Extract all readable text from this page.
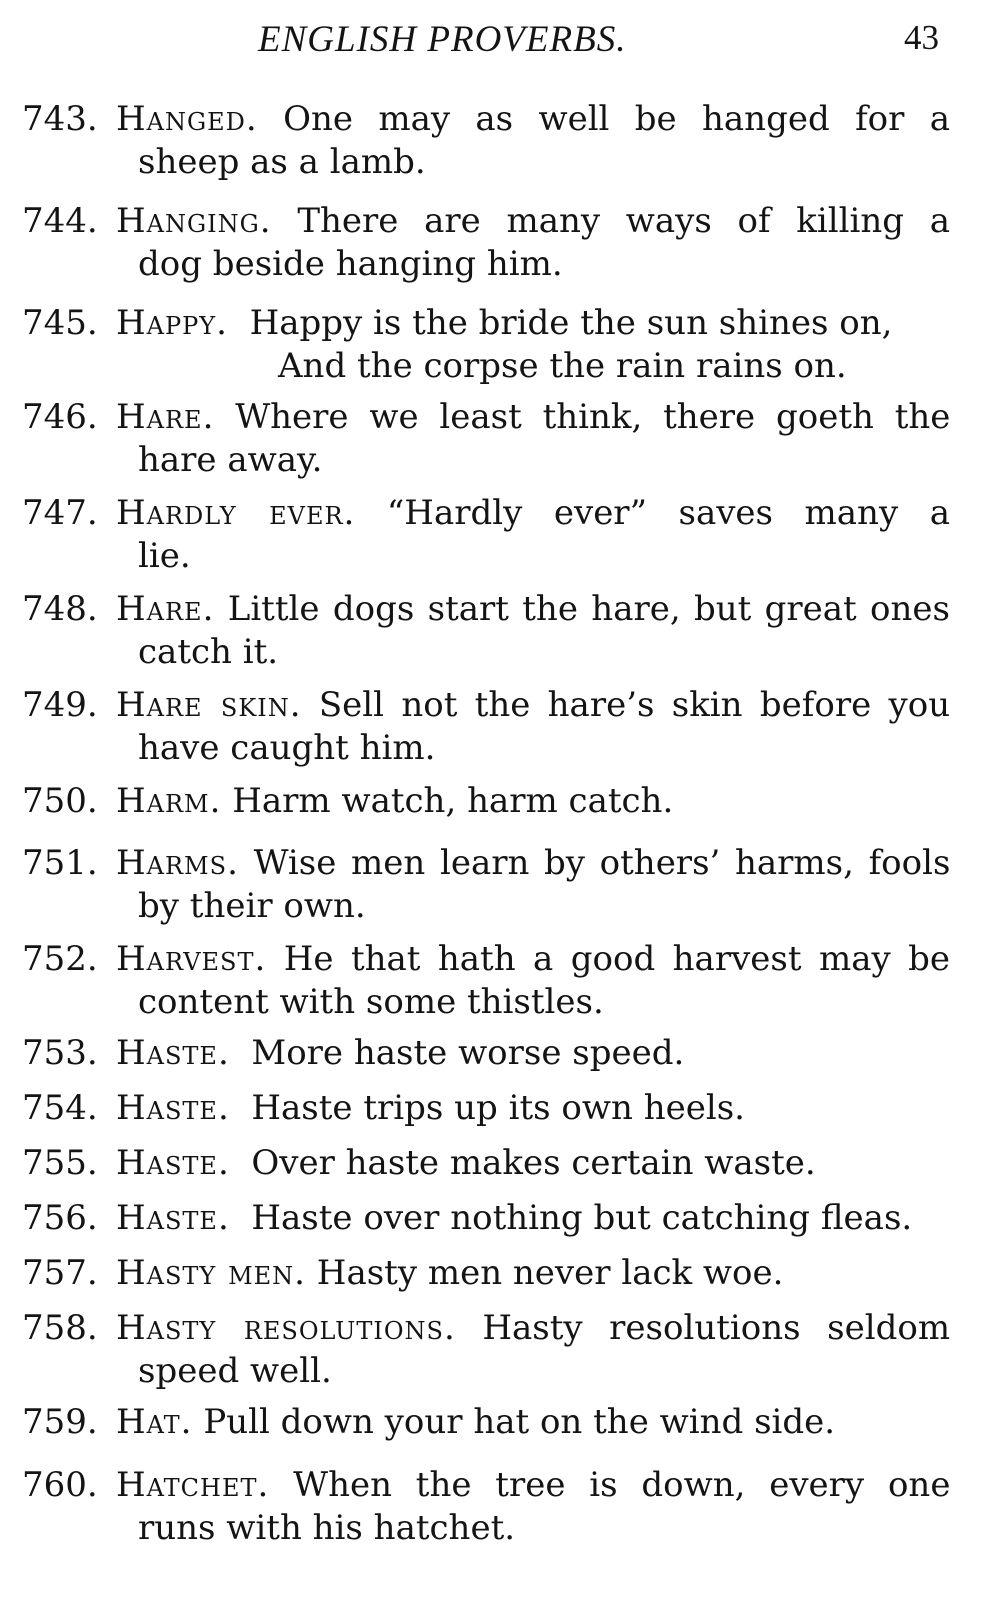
ENGLISH PROVERBS.	43
743. Hanged. One may as well be hanged for a
sheep as a lamb.
744. Hanging. There are many ways of killing a
dog beside hanging him.
745. Happy. Happy is the bride the sun shines on,
And the corpse the rain rains on.
746. Hare. Where we least think, there goeth the
hare away.
747. Hardly ever. “Hardly ever” saves many a
lie.
748. Hare. Little dogs start the hare, but great ones
catch it.
749. Hare skin. Sell not the hare’s skin before you
have caught him.
750. Harm. Harm watch, harm catch.
751. Harms. Wise men learn by others’ harms, fools
by their own.
752. Harvest. He that hath a good harvest may be
content with some thistles.
753. Haste. More haste worse speed.
754. Haste. Haste trips up its own heels.
755. Haste. Over haste makes certain waste.
756. Haste. Haste over nothing but catching fleas.
757. Hasty men. Hasty men never lack woe.
758. Hasty resolutions. Hasty resolutions seldom
speed well.
759. Hat. Pull down your hat on the wind side.
760. Hatchet. When the tree is down, every one
runs with his hatchet.
